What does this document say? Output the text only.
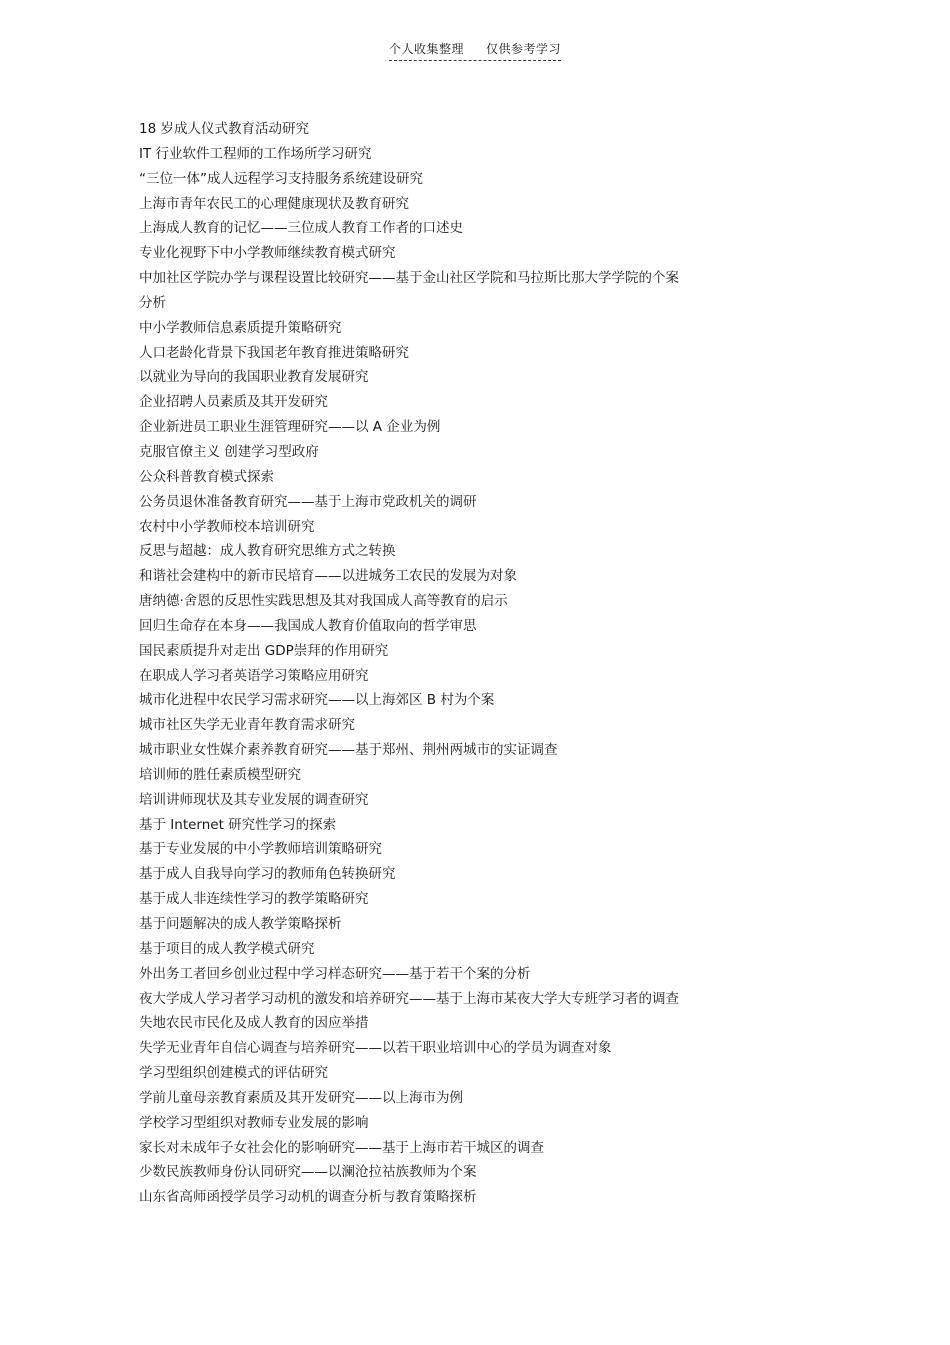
个人收集整理 仅供参考学习
18 岁成人仪式教育活动研究
IT 行业软件工程师的工作场所学习研究
“三位一体”成人远程学习支持服务系统建设研究
上海市青年农民工的心理健康现状及教育研究
上海成人教育的记忆——三位成人教育工作者的口述史
专业化视野下中小学教师继续教育模式研究
中加社区学院办学与课程设置比较研究——基于金山社区学院和马拉斯比那大学学院的个案
分析
中小学教师信息素质提升策略研究
人口老龄化背景下我国老年教育推进策略研究
以就业为导向的我国职业教育发展研究
企业招聘人员素质及其开发研究
企业新进员工职业生涯管理研究——以 A 企业为例
克服官僚主义 创建学习型政府
公众科普教育模式探索
公务员退休准备教育研究——基于上海市党政机关的调研
农村中小学教师校本培训研究
反思与超越：成人教育研究思维方式之转换
和谐社会建构中的新市民培育——以进城务工农民的发展为对象
唐纳德·舍恩的反思性实践思想及其对我国成人高等教育的启示
回归生命存在本身——我国成人教育价值取向的哲学审思
国民素质提升对走出 GDP崇拜的作用研究
在职成人学习者英语学习策略应用研究
城市化进程中农民学习需求研究——以上海郊区 B 村为个案
城市社区失学无业青年教育需求研究
城市职业女性媒介素养教育研究——基于郑州、荆州两城市的实证调查
培训师的胜任素质模型研究
培训讲师现状及其专业发展的调查研究
基于 Internet 研究性学习的探索
基于专业发展的中小学教师培训策略研究
基于成人自我导向学习的教师角色转换研究
基于成人非连续性学习的教学策略研究
基于问题解决的成人教学策略探析
基于项目的成人教学模式研究
外出务工者回乡创业过程中学习样态研究——基于若干个案的分析
夜大学成人学习者学习动机的激发和培养研究——基于上海市某夜大学大专班学习者的调查
失地农民市民化及成人教育的因应举措
失学无业青年自信心调查与培养研究——以若干职业培训中心的学员为调查对象
学习型组织创建模式的评估研究
学前儿童母亲教育素质及其开发研究——以上海市为例
学校学习型组织对教师专业发展的影响
家长对未成年子女社会化的影响研究——基于上海市若干城区的调查
少数民族教师身份认同研究——以澜沧拉祜族教师为个案
山东省高师函授学员学习动机的调查分析与教育策略探析
